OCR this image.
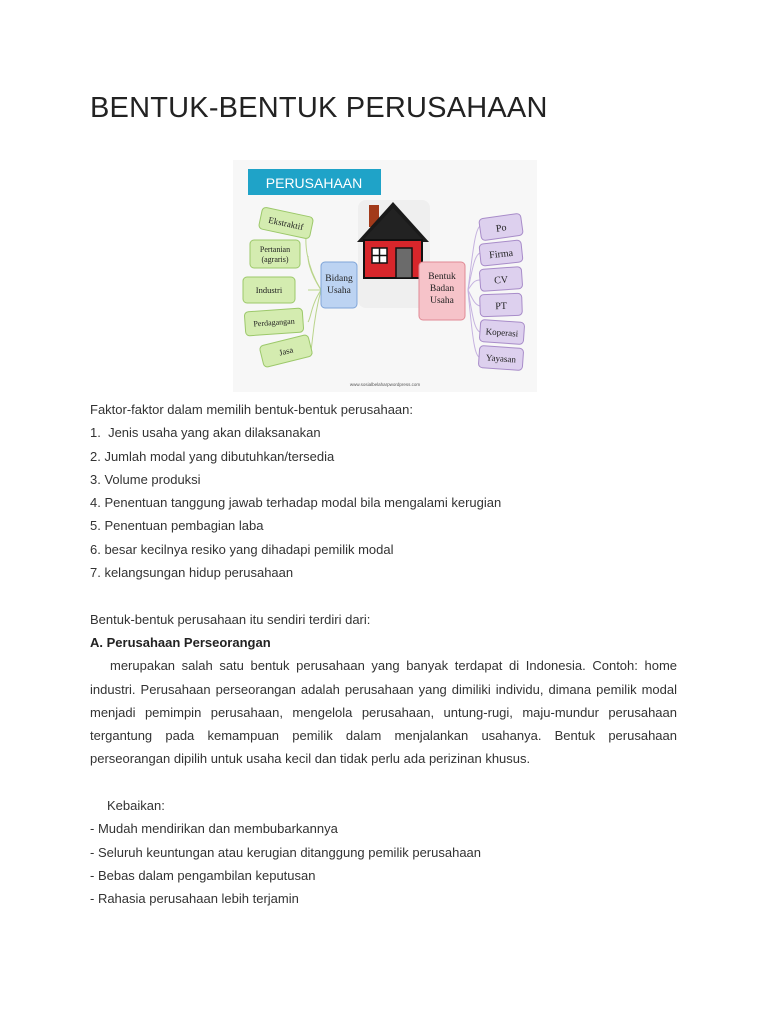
BENTUK-BENTUK PERUSAHAAN
PERUSAHAAN
Bidang
Usaha
Bentuk
Badan
Usaha
Ekstraktif
Pertanian
(agraris)
Industri
Perdagangan
Jasa
Po
Firma
CV
PT
Koperasi
Yayasan
www.sosialbelaharpwordpress.com

Faktor-faktor dalam memilih bentuk-bentuk perusahaan:

1.  Jenis usaha yang akan dilaksanakan

2. Jumlah modal yang dibutuhkan/tersedia

3. Volume produksi

4. Penentuan tanggung jawab terhadap modal bila mengalami kerugian

5. Penentuan pembagian laba

6. besar kecilnya resiko yang dihadapi pemilik modal

7. kelangsungan hidup perusahaan

Bentuk-bentuk perusahaan itu sendiri terdiri dari:

A. Perusahaan Perseorangan

merupakan salah satu bentuk perusahaan yang banyak terdapat di Indonesia. Contoh: home industri. Perusahaan perseorangan adalah perusahaan yang dimiliki individu, dimana pemilik modal menjadi pemimpin perusahaan, mengelola perusahaan, untung-rugi, maju-mundur perusahaan tergantung pada kemampuan pemilik dalam menjalankan usahanya. Bentuk perusahaan perseorangan dipilih untuk usaha kecil dan tidak perlu ada perizinan khusus.

Kebaikan:

- Mudah mendirikan dan membubarkannya

- Seluruh keuntungan atau kerugian ditanggung pemilik perusahaan

- Bebas dalam pengambilan keputusan

- Rahasia perusahaan lebih terjamin
